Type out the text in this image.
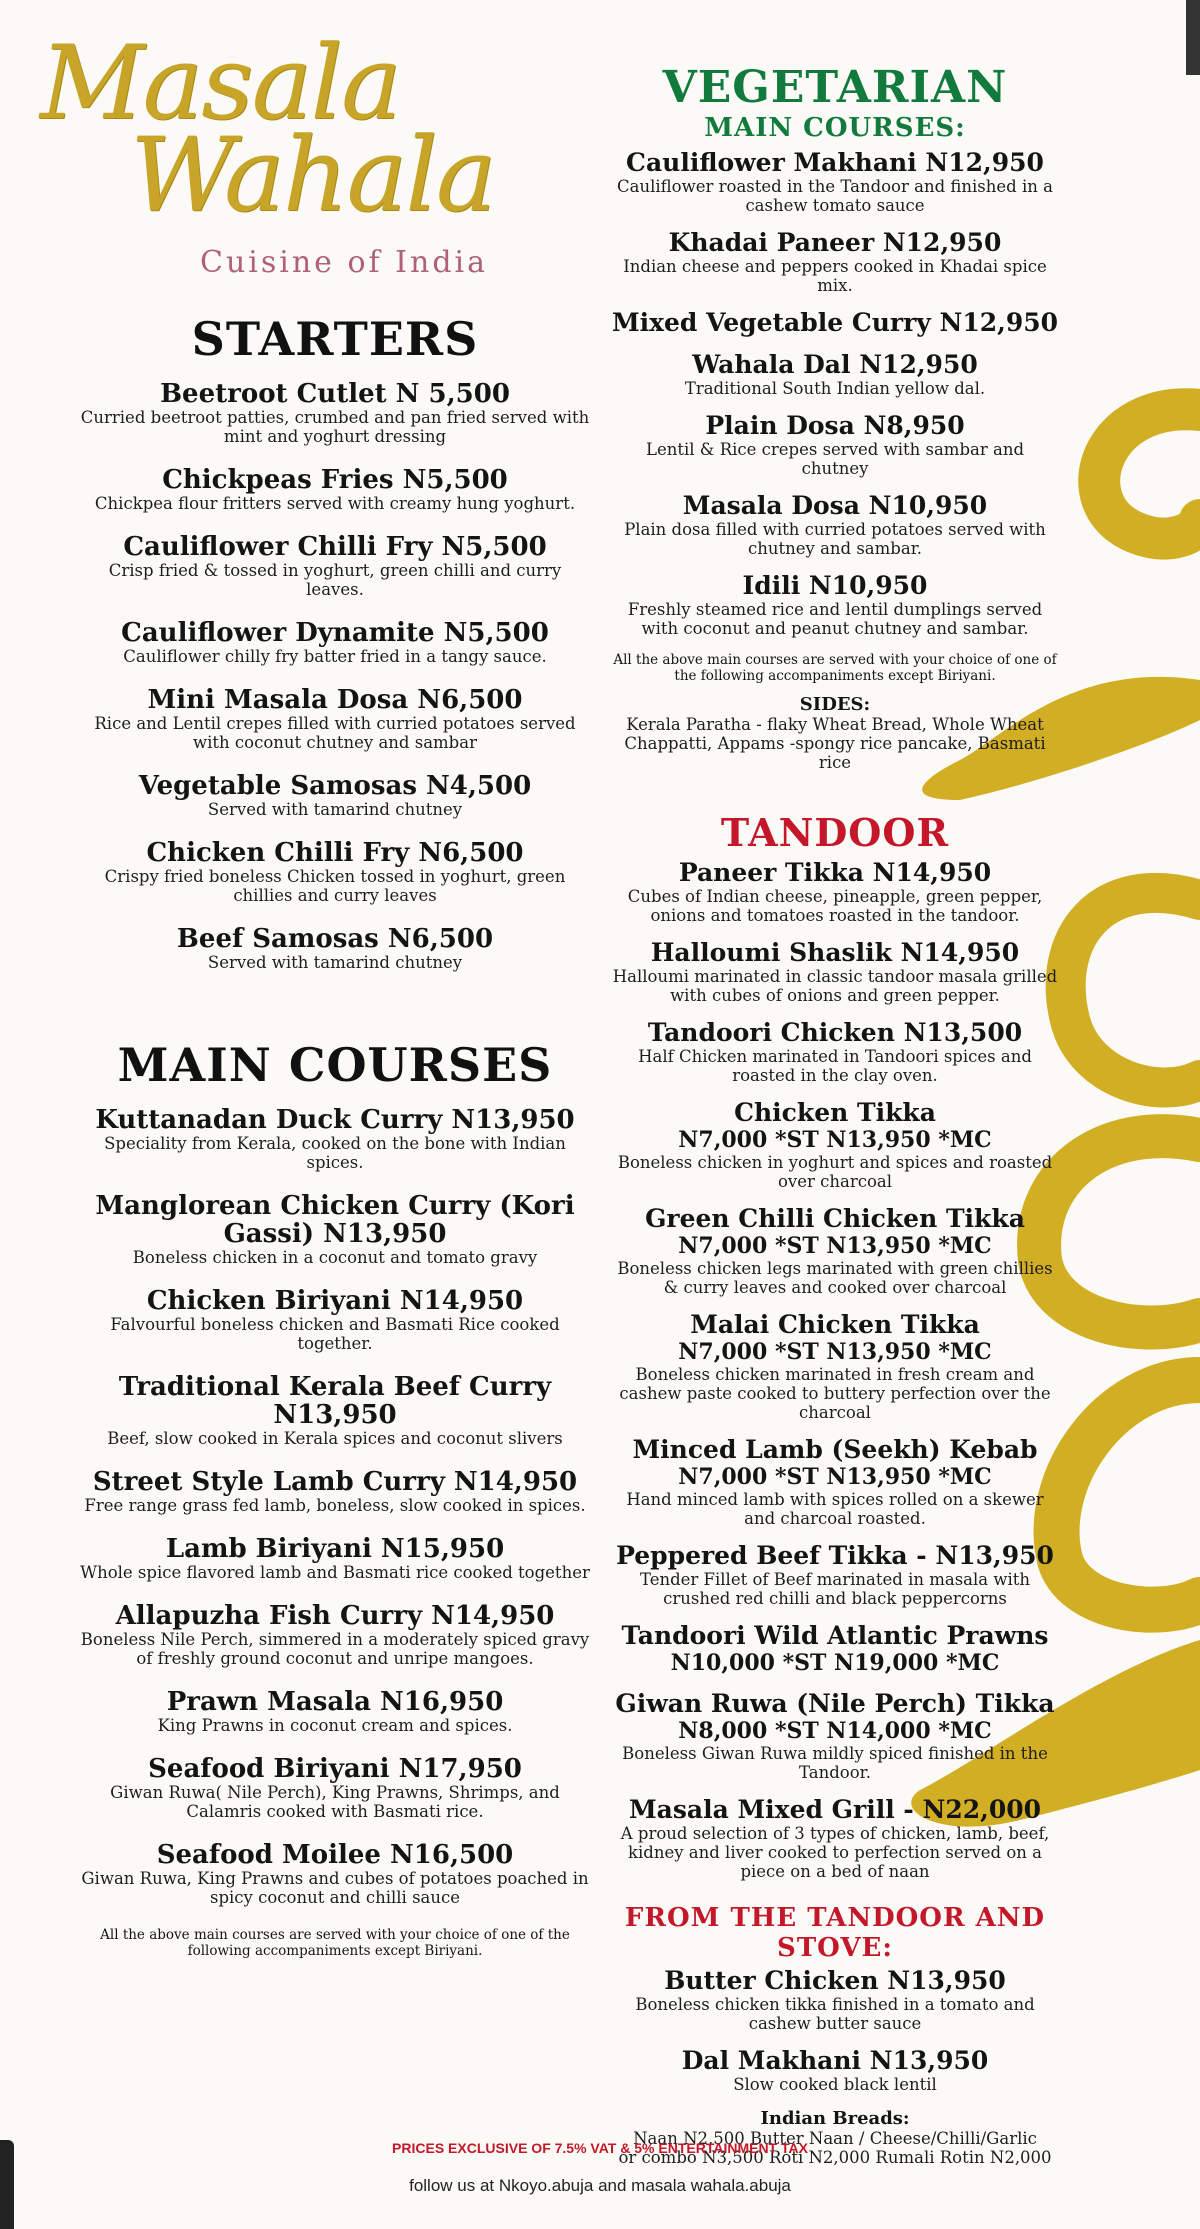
Masala
Wahala
Cuisine of India
STARTERS
Beetroot Cutlet N 5,500
Curried beetroot patties, crumbed and pan fried served with mint and yoghurt dressing
Chickpeas Fries N5,500
Chickpea flour fritters served with creamy hung yoghurt.
Cauliflower Chilli Fry N5,500
Crisp fried & tossed in yoghurt, green chilli and curry leaves.
Cauliflower Dynamite N5,500
Cauliflower chilly fry batter fried in a tangy sauce.
Mini Masala Dosa N6,500
Rice and Lentil crepes filled with curried potatoes served with coconut chutney and sambar
Vegetable Samosas N4,500
Served with tamarind chutney
Chicken Chilli Fry N6,500
Crispy fried boneless Chicken tossed in yoghurt, green chillies and curry leaves
Beef Samosas N6,500
Served with tamarind chutney
MAIN COURSES
Kuttanadan Duck Curry N13,950
Speciality from Kerala, cooked on the bone with Indian spices.
Manglorean Chicken Curry (Kori Gassi) N13,950
Boneless chicken in a coconut and tomato gravy
Chicken Biriyani N14,950
Falvourful boneless chicken and Basmati Rice cooked together.
Traditional Kerala Beef Curry N13,950
Beef, slow cooked in Kerala spices and coconut slivers
Street Style Lamb Curry N14,950
Free range grass fed lamb, boneless, slow cooked in spices.
Lamb Biriyani N15,950
Whole spice flavored lamb and Basmati rice cooked together
Allapuzha Fish Curry N14,950
Boneless Nile Perch, simmered in a moderately spiced gravy of freshly ground coconut and unripe mangoes.
Prawn Masala N16,950
King Prawns in coconut cream and spices.
Seafood Biriyani N17,950
Giwan Ruwa( Nile Perch), King Prawns, Shrimps, and Calamris cooked with Basmati rice.
Seafood Moilee N16,500
Giwan Ruwa, King Prawns and cubes of potatoes poached in spicy coconut and chilli sauce
All the above main courses are served with your choice of one of the following accompaniments except Biriyani.
VEGETARIAN
MAIN COURSES:
Cauliflower Makhani N12,950
Cauliflower roasted in the Tandoor and finished in a cashew tomato sauce
Khadai Paneer N12,950
Indian cheese and peppers cooked in Khadai spice mix.
Mixed Vegetable Curry N12,950
Wahala Dal N12,950
Traditional South Indian yellow dal.
Plain Dosa N8,950
Lentil & Rice crepes served with sambar and chutney
Masala Dosa N10,950
Plain dosa filled with curried potatoes served with chutney and sambar.
Idili N10,950
Freshly steamed rice and lentil dumplings served with coconut and peanut chutney and sambar.
All the above main courses are served with your choice of one of the following accompaniments except Biriyani.
SIDES:
Kerala Paratha - flaky Wheat Bread, Whole Wheat Chappatti, Appams -spongy rice pancake, Basmati rice
TANDOOR
Paneer Tikka N14,950
Cubes of Indian cheese, pineapple, green pepper, onions and tomatoes roasted in the tandoor.
Halloumi Shaslik N14,950
Halloumi marinated in classic tandoor masala grilled with cubes of onions and green pepper.
Tandoori Chicken N13,500
Half Chicken marinated in Tandoori spices and roasted in the clay oven.
Chicken Tikka
N7,000 *ST N13,950 *MC
Boneless chicken in yoghurt and spices and roasted over charcoal
Green Chilli Chicken Tikka
N7,000 *ST N13,950 *MC
Boneless chicken legs marinated with green chillies & curry leaves and cooked over charcoal
Malai Chicken Tikka
N7,000 *ST N13,950 *MC
Boneless chicken marinated in fresh cream and cashew paste cooked to buttery perfection over the charcoal
Minced Lamb (Seekh) Kebab
N7,000 *ST N13,950 *MC
Hand minced lamb with spices rolled on a skewer and charcoal roasted.
Peppered Beef Tikka - N13,950
Tender Fillet of Beef marinated in masala with crushed red chilli and black peppercorns
Tandoori Wild Atlantic Prawns
N10,000 *ST N19,000 *MC
Giwan Ruwa (Nile Perch) Tikka
N8,000 *ST N14,000 *MC
Boneless Giwan Ruwa mildly spiced finished in the Tandoor.
Masala Mixed Grill - N22,000
A proud selection of 3 types of chicken, lamb, beef, kidney and liver cooked to perfection served on a piece on a bed of naan
FROM THE TANDOOR AND STOVE:
Butter Chicken N13,950
Boneless chicken tikka finished in a tomato and cashew butter sauce
Dal Makhani N13,950
Slow cooked black lentil
Indian Breads:
Naan N2,500 Butter Naan / Cheese/Chilli/Garlic
or combo N3,500 Roti N2,000 Rumali Rotin N2,000
PRICES EXCLUSIVE OF 7.5% VAT & 5% ENTERTAINMENT TAX
follow us at Nkoyo.abuja and masala wahala.abuja
